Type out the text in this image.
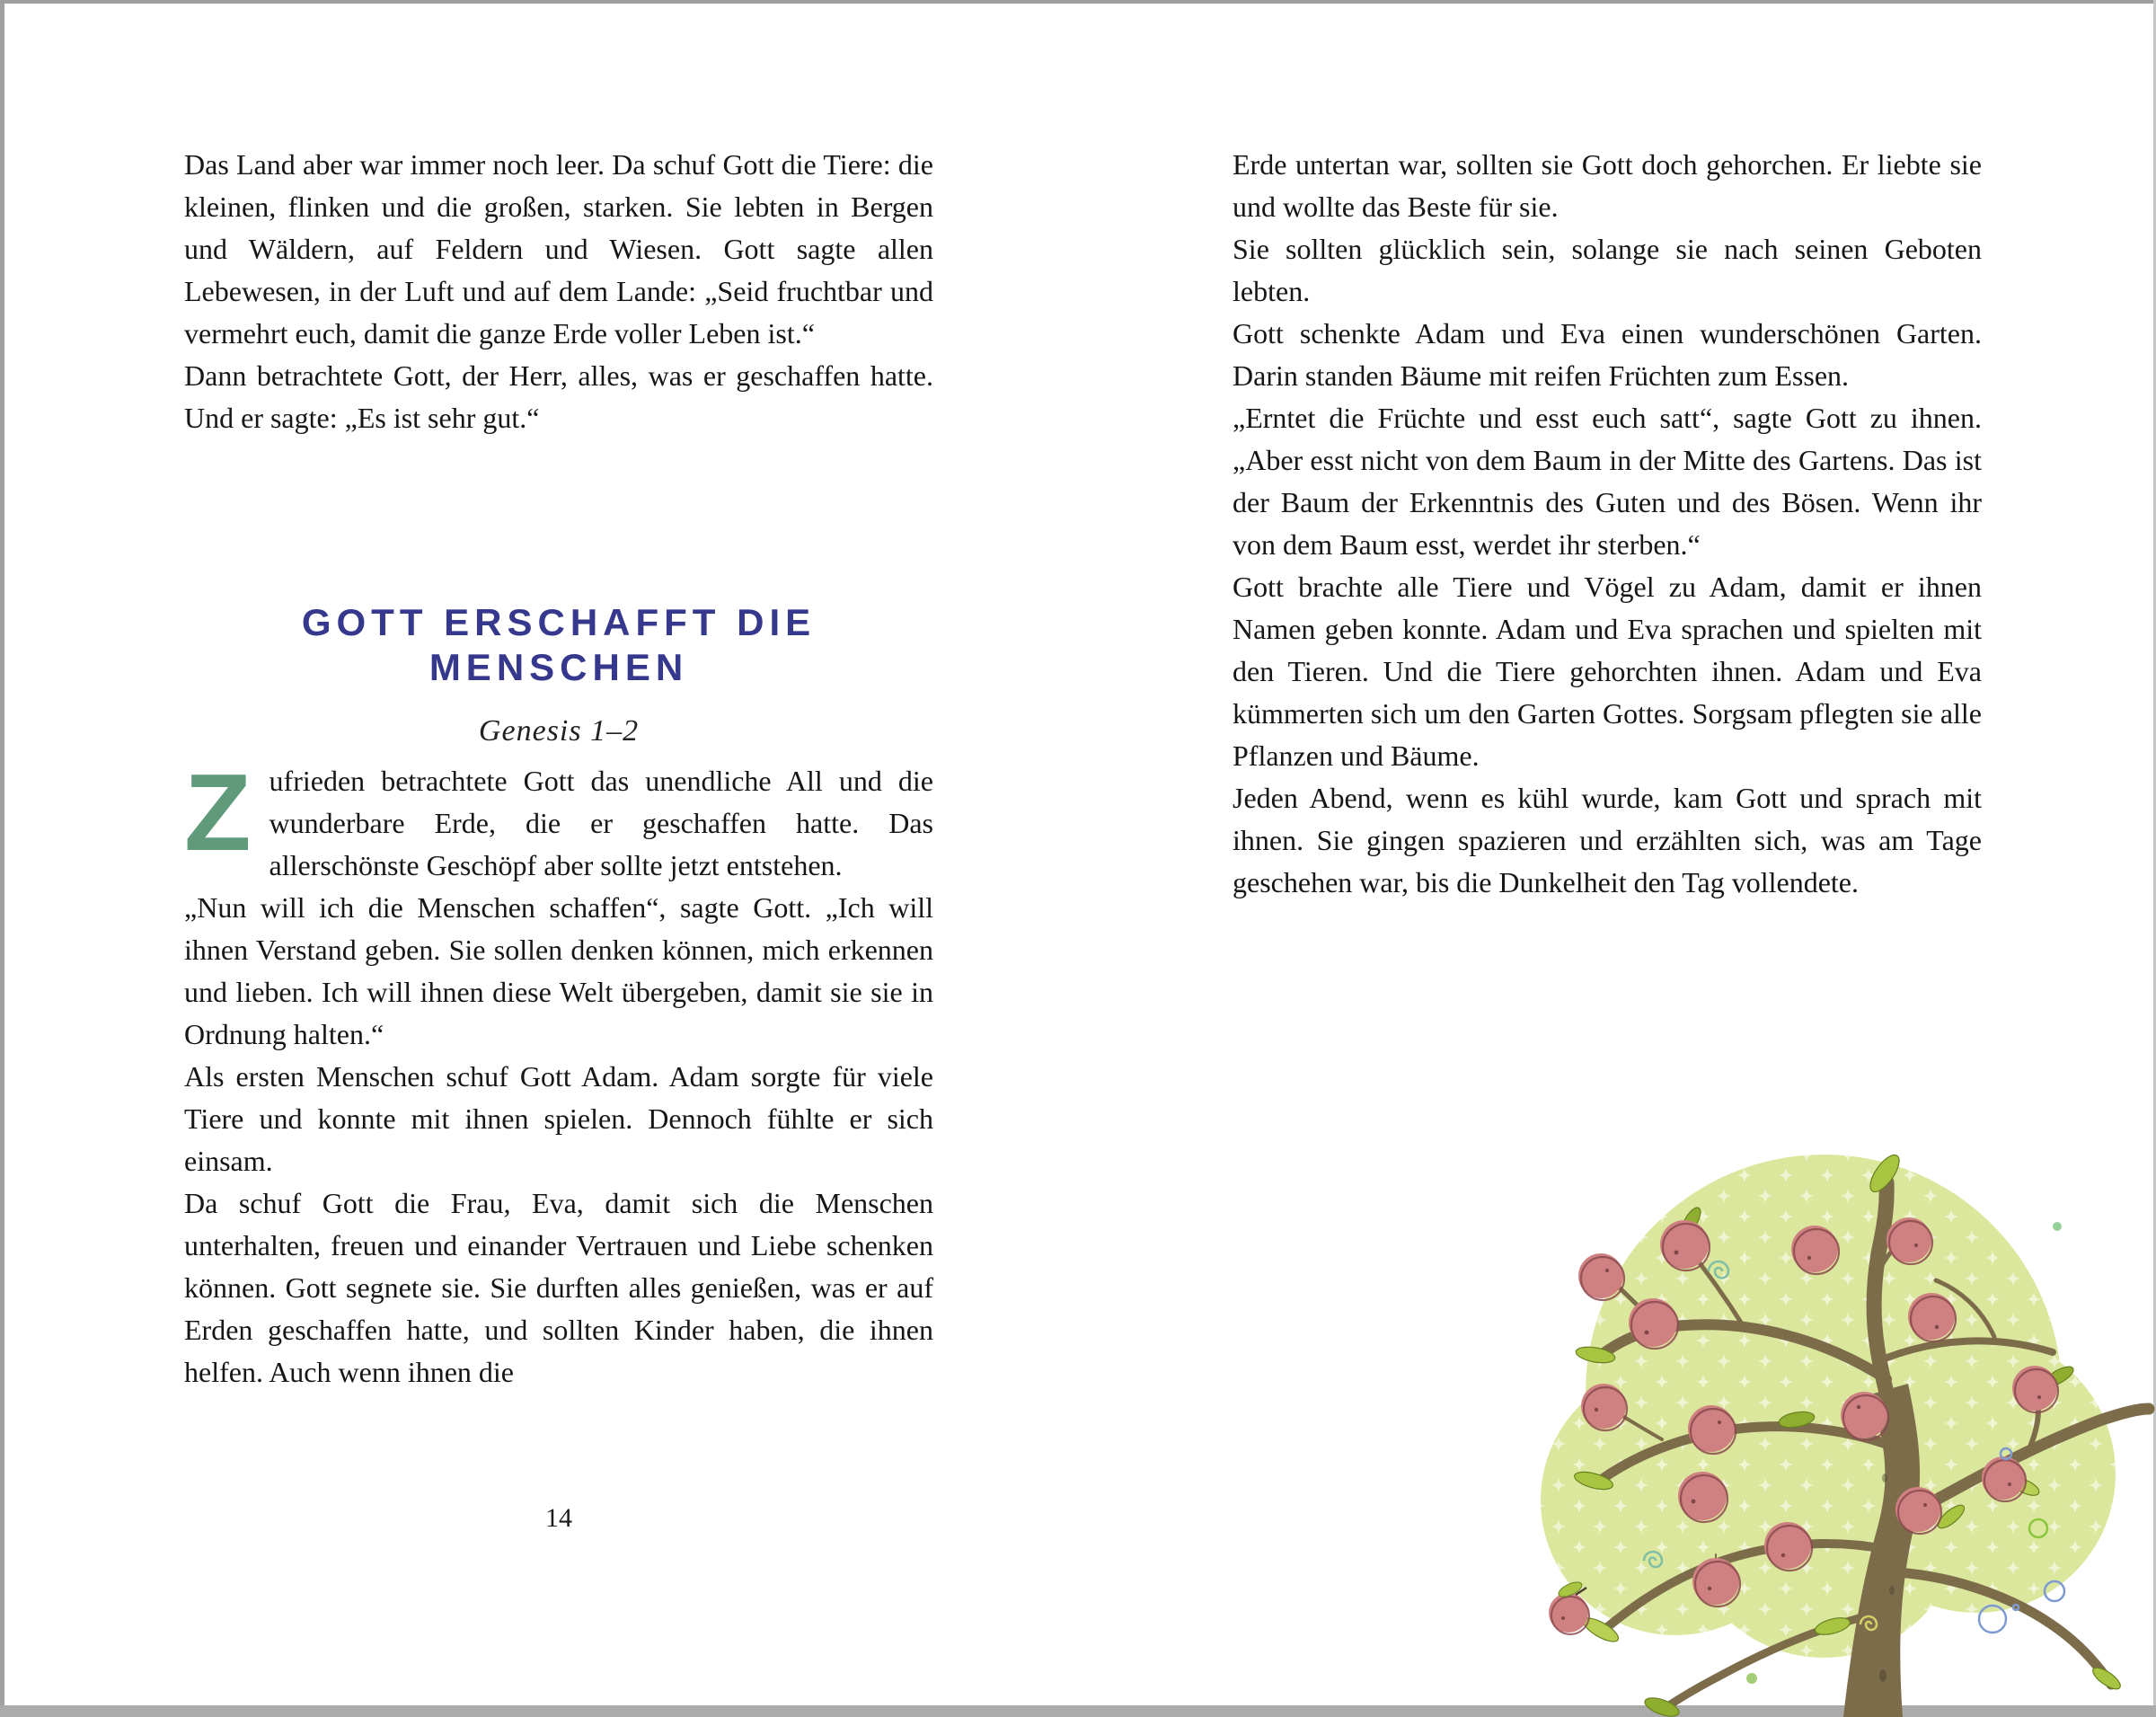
Das Land aber war immer noch leer. Da schuf Gott die Tiere: die kleinen, flinken und die großen, starken. Sie lebten in Bergen und Wäldern, auf Feldern und Wiesen. Gott sagte allen Lebewesen, in der Luft und auf dem Lande: „Seid fruchtbar und vermehrt euch, damit die ganze Erde voller Leben ist.“

Dann betrachtete Gott, der Herr, alles, was er geschaffen hatte. Und er sagte: „Es ist sehr gut.“

GOTT ERSCHAFFT DIE MENSCHEN
Genesis 1–2

Zufrieden betrachtete Gott das unendliche All und die wunderbare Erde, die er geschaffen hatte. Das allerschönste Geschöpf aber sollte jetzt entstehen.

„Nun will ich die Menschen schaffen“, sagte Gott. „Ich will ihnen Verstand geben. Sie sollen denken können, mich erkennen und lieben. Ich will ihnen diese Welt übergeben, damit sie sie in Ordnung halten.“

Als ersten Menschen schuf Gott Adam. Adam sorgte für viele Tiere und konnte mit ihnen spielen. Dennoch fühlte er sich einsam.

Da schuf Gott die Frau, Eva, damit sich die Menschen unterhalten, freuen und einander Vertrauen und Liebe schenken können. Gott segnete sie. Sie durften alles genießen, was er auf Erden geschaffen hatte, und sollten Kinder haben, die ihnen helfen. Auch wenn ihnen die

14

Erde untertan war, sollten sie Gott doch gehorchen. Er liebte sie und wollte das Beste für sie.

Sie sollten glücklich sein, solange sie nach seinen Geboten lebten.

Gott schenkte Adam und Eva einen wunderschönen Garten. Darin standen Bäume mit reifen Früchten zum Essen.

„Erntet die Früchte und esst euch satt“, sagte Gott zu ihnen. „Aber esst nicht von dem Baum in der Mitte des Gartens. Das ist der Baum der Erkenntnis des Guten und des Bösen. Wenn ihr von dem Baum esst, werdet ihr sterben.“

Gott brachte alle Tiere und Vögel zu Adam, damit er ihnen Namen geben konnte. Adam und Eva sprachen und spielten mit den Tieren. Und die Tiere gehorchten ihnen. Adam und Eva kümmerten sich um den Garten Gottes. Sorgsam pflegten sie alle Pflanzen und Bäume.

Jeden Abend, wenn es kühl wurde, kam Gott und sprach mit ihnen. Sie gingen spazieren und erzählten sich, was am Tage geschehen war, bis die Dunkelheit den Tag vollendete.
